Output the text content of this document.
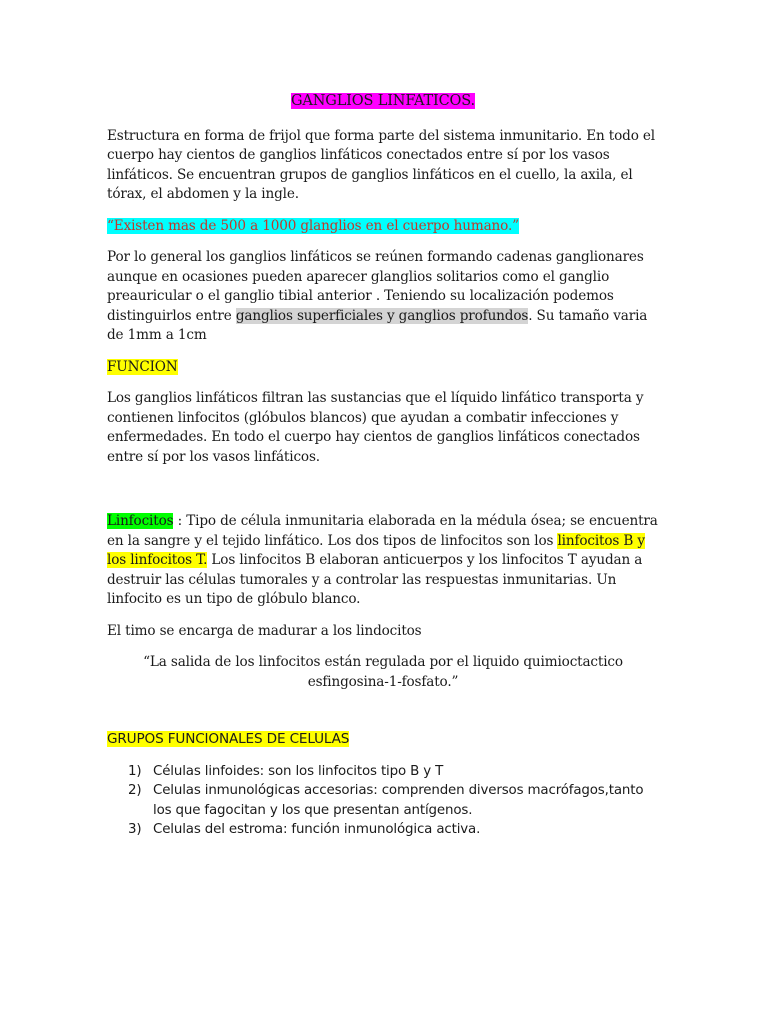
GANGLIOS LINFATICOS.

Estructura en forma de frijol que forma parte del sistema inmunitario. En todo el cuerpo hay cientos de ganglios linfáticos conectados entre sí por los vasos linfáticos. Se encuentran grupos de ganglios linfáticos en el cuello, la axila, el tórax, el abdomen y la ingle.

“Existen mas de 500 a 1000 glanglios en el cuerpo humano.”

Por lo general los ganglios linfáticos se reúnen formando cadenas ganglionares aunque en ocasiones pueden aparecer glanglios solitarios como el ganglio preauricular o el ganglio tibial anterior . Teniendo su localización podemos distinguirlos entre ganglios superficiales y ganglios profundos. Su tamaño varia de 1mm a 1cm

FUNCION

Los ganglios linfáticos filtran las sustancias que el líquido linfático transporta y contienen linfocitos (glóbulos blancos) que ayudan a combatir infecciones y enfermedades. En todo el cuerpo hay cientos de ganglios linfáticos conectados entre sí por los vasos linfáticos.

Linfocitos : Tipo de célula inmunitaria elaborada en la médula ósea; se encuentra en la sangre y el tejido linfático. Los dos tipos de linfocitos son los linfocitos B y los linfocitos T. Los linfocitos B elaboran anticuerpos y los linfocitos T ayudan a destruir las células tumorales y a controlar las respuestas inmunitarias. Un linfocito es un tipo de glóbulo blanco.

El timo se encarga de madurar a los lindocitos

“La salida de los linfocitos están regulada por el liquido quimioctactico esfingosina-1-fosfato.”

GRUPOS FUNCIONALES DE CELULAS

1) Células linfoides: son los linfocitos tipo B y T
2) Celulas inmunológicas accesorias: comprenden diversos macrófagos,tanto los que fagocitan y los que presentan antígenos.
3) Celulas del estroma: función inmunológica activa.
